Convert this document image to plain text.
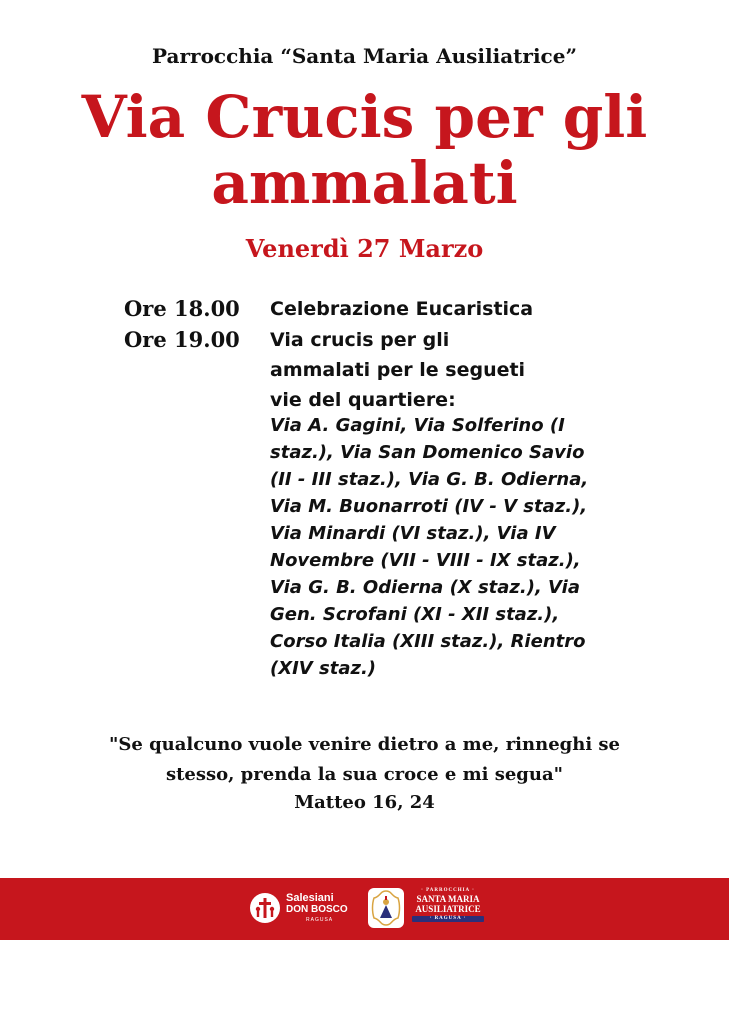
Parrocchia “Santa Maria Ausiliatrice”
Via Crucis per gli
ammalati
Venerdì 27 Marzo
Ore 18.00	Celebrazione Eucaristica
Ore 19.00	Via crucis per gli
ammalati per le segueti
vie del quartiere:
Via A. Gagini, Via Solferino (I
staz.), Via San Domenico Savio
(II - III staz.), Via G. B. Odierna,
Via M. Buonarroti (IV - V staz.),
Via Minardi (VI staz.), Via IV
Novembre (VII - VIII - IX staz.),
Via G. B. Odierna (X staz.), Via
Gen. Scrofani (XI - XII staz.),
Corso Italia (XIII staz.), Rientro
(XIV staz.)
"Se qualcuno vuole venire dietro a me, rinneghi se
stesso, prenda la sua croce e mi segua"
Matteo 16, 24
Salesiani
DON BOSCO
RAGUSA
· PARROCCHIA ·
SANTA MARIA
AUSILIATRICE
· RAGUSA ·
